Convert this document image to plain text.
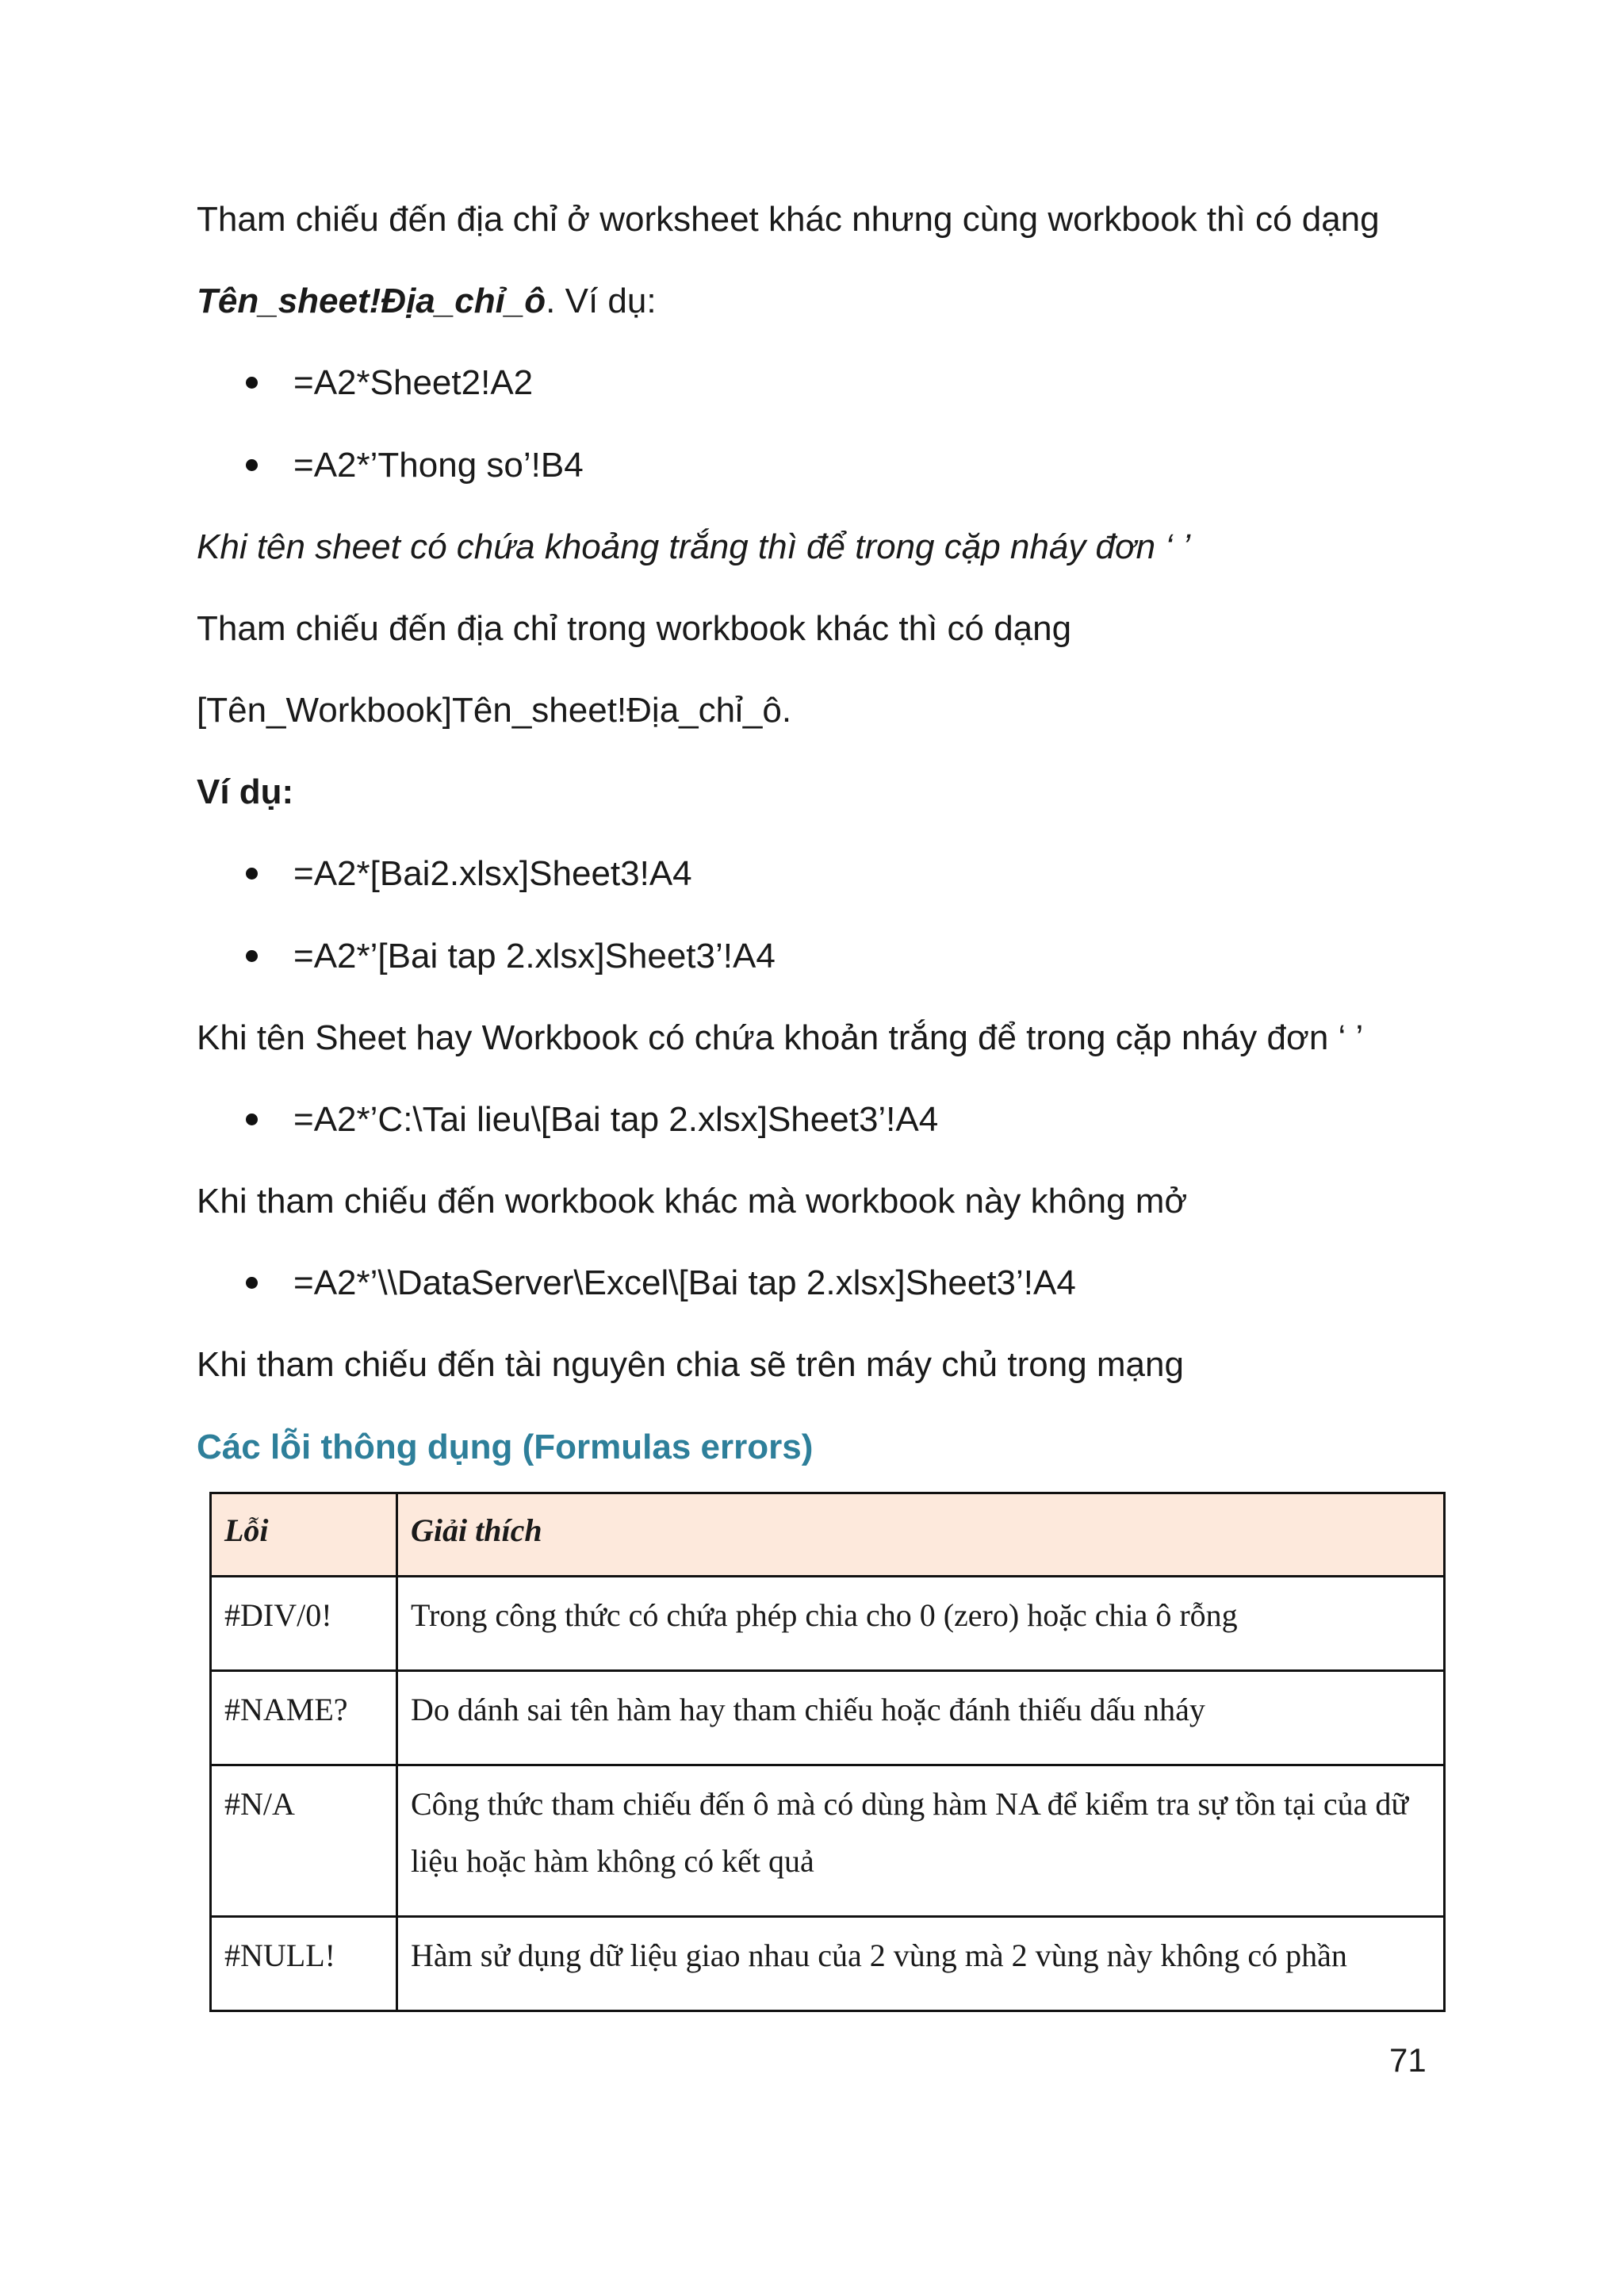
Tham chiếu đến địa chỉ ở worksheet khác nhưng cùng workbook thì có dạng
Tên_sheet!Địa_chỉ_ô. Ví dụ:
=A2*Sheet2!A2
=A2*’Thong so’!B4
Khi tên sheet có chứa khoảng trắng thì để trong cặp nháy đơn ‘ ’
Tham chiếu đến địa chỉ trong workbook khác thì có dạng
[Tên_Workbook]Tên_sheet!Địa_chỉ_ô.
Ví dụ:
=A2*[Bai2.xlsx]Sheet3!A4
=A2*’[Bai tap 2.xlsx]Sheet3’!A4
Khi tên Sheet hay Workbook có chứa khoản trắng để trong cặp nháy đơn ‘ ’
=A2*’C:\Tai lieu\[Bai tap 2.xlsx]Sheet3’!A4
Khi tham chiếu đến workbook khác mà workbook này không mở
=A2*’\\DataServer\Excel\[Bai tap 2.xlsx]Sheet3’!A4
Khi tham chiếu đến tài nguyên chia sẽ trên máy chủ trong mạng
Các lỗi thông dụng (Formulas errors)
Lỗi	Giải thích
#DIV/0!	Trong công thức có chứa phép chia cho 0 (zero) hoặc chia ô rỗng
#NAME?	Do dánh sai tên hàm hay tham chiếu hoặc đánh thiếu dấu nháy
#N/A	Công thức tham chiếu đến ô mà có dùng hàm NA để kiểm tra sự tồn tại của dữ liệu hoặc hàm không có kết quả
#NULL!	Hàm sử dụng dữ liệu giao nhau của 2 vùng mà 2 vùng này không có phần
71
